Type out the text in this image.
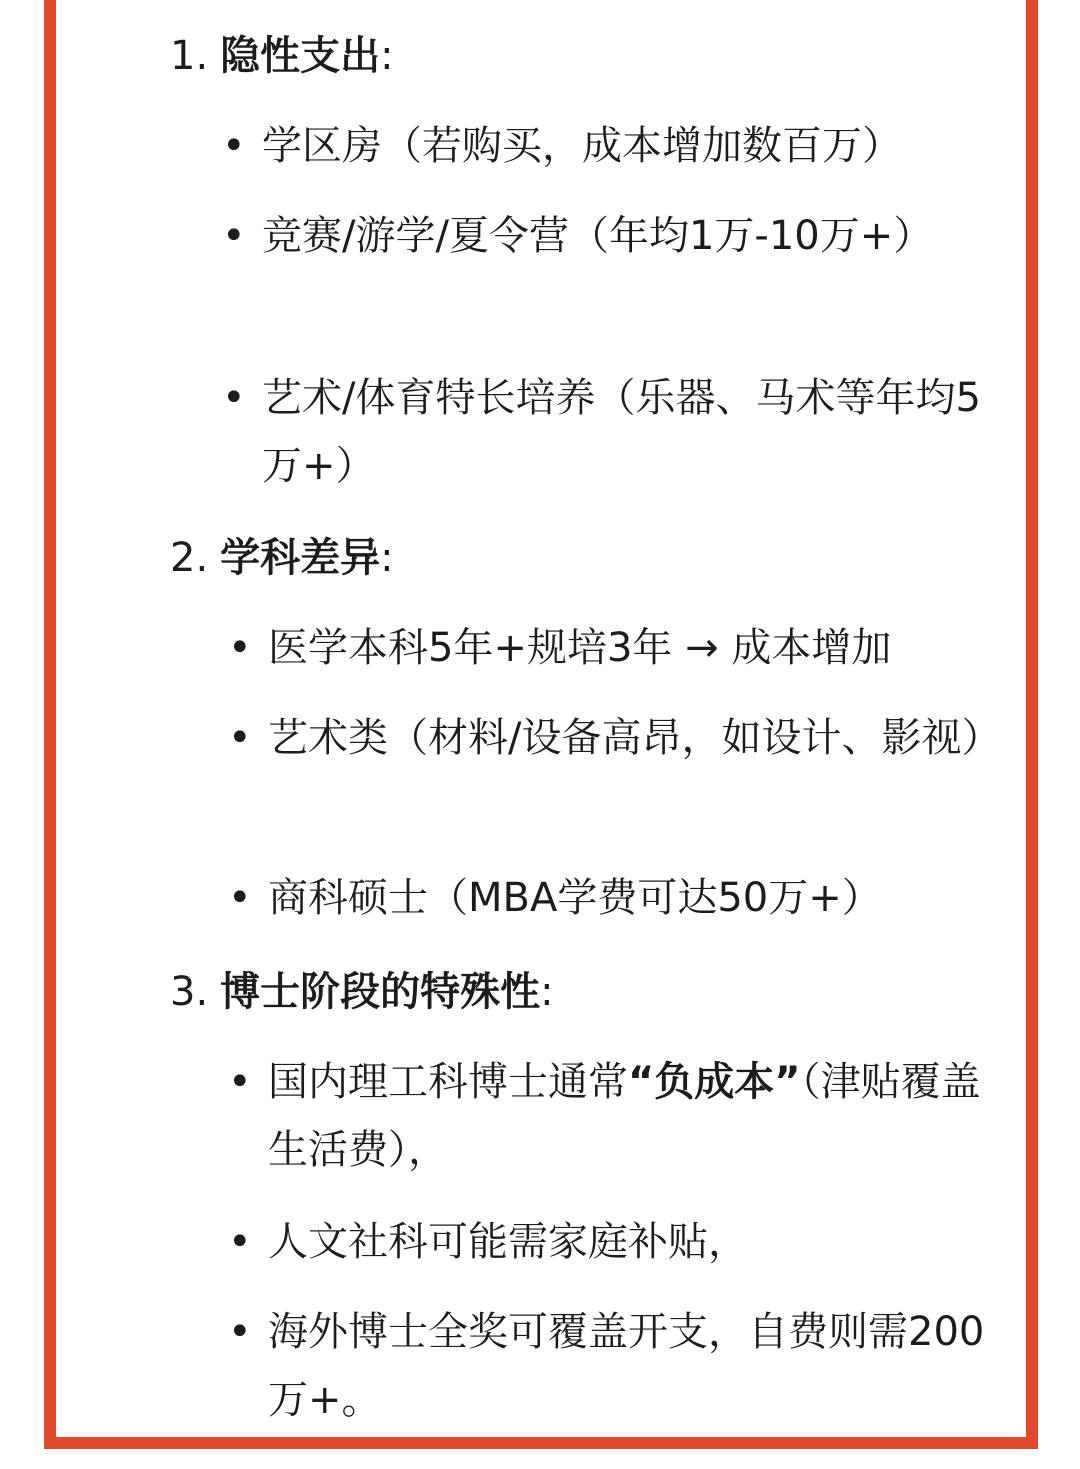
1. 隐性支出:
• 学区房（若购买，成本增加数百万）
• 竞赛/游学/夏令营（年均1万-10万+）
• 艺术/体育特长培养（乐器、马术等年均5万+）
2. 学科差异:
• 医学本科5年+规培3年 → 成本增加
• 艺术类（材料/设备高昂，如设计、影视）
• 商科硕士（MBA学费可达50万+）
3. 博士阶段的特殊性:
• 国内理工科博士通常“负成本”（津贴覆盖生活费），
• 人文社科可能需家庭补贴，
• 海外博士全奖可覆盖开支，自费则需200万+。
